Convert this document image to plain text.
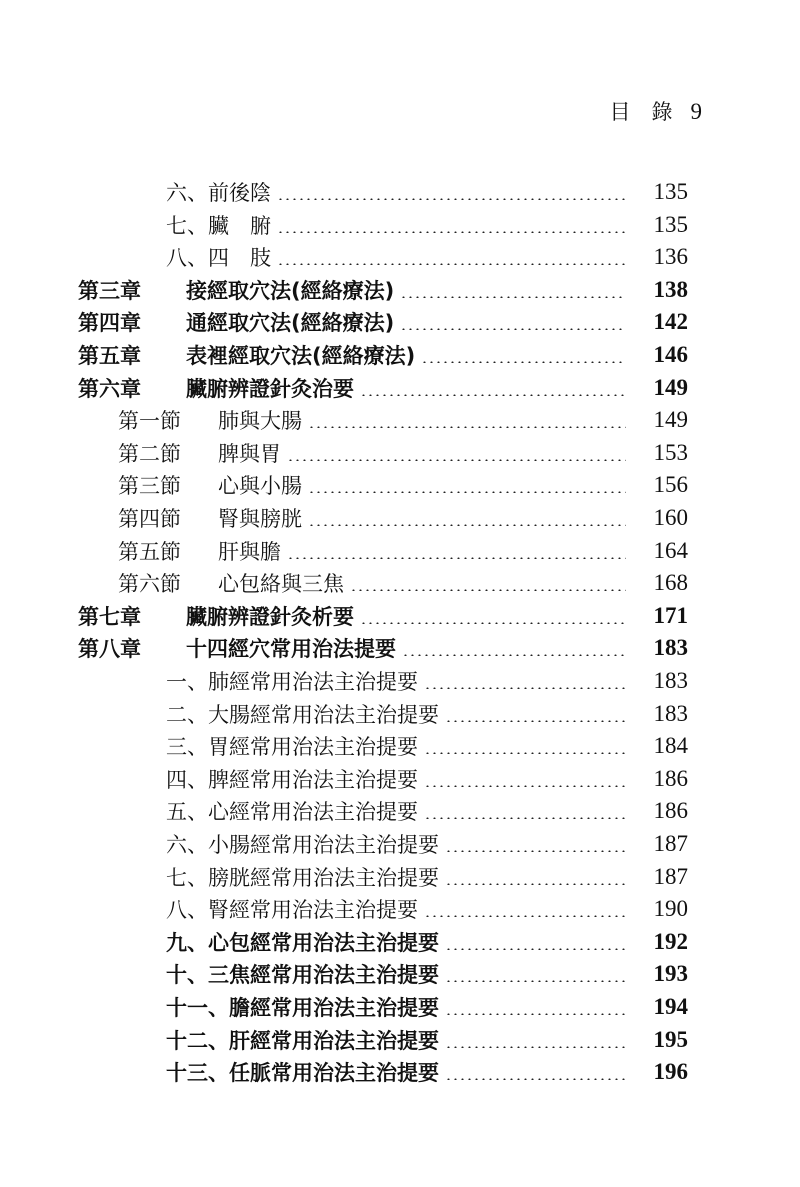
目　錄 9
六、前後陰	135
七、臟　腑	135
八、四　肢	136
第三章	接經取穴法(經絡療法)	138
第四章	通經取穴法(經絡療法)	142
第五章	表裡經取穴法(經絡療法)	146
第六章	臟腑辨證針灸治要	149
第一節	肺與大腸	149
第二節	脾與胃	153
第三節	心與小腸	156
第四節	腎與膀胱	160
第五節	肝與膽	164
第六節	心包絡與三焦	168
第七章	臟腑辨證針灸析要	171
第八章	十四經穴常用治法提要	183
一、肺經常用治法主治提要	183
二、大腸經常用治法主治提要	183
三、胃經常用治法主治提要	184
四、脾經常用治法主治提要	186
五、心經常用治法主治提要	186
六、小腸經常用治法主治提要	187
七、膀胱經常用治法主治提要	187
八、腎經常用治法主治提要	190
九、心包經常用治法主治提要	192
十、三焦經常用治法主治提要	193
十一、膽經常用治法主治提要	194
十二、肝經常用治法主治提要	195
十三、任脈常用治法主治提要	196
